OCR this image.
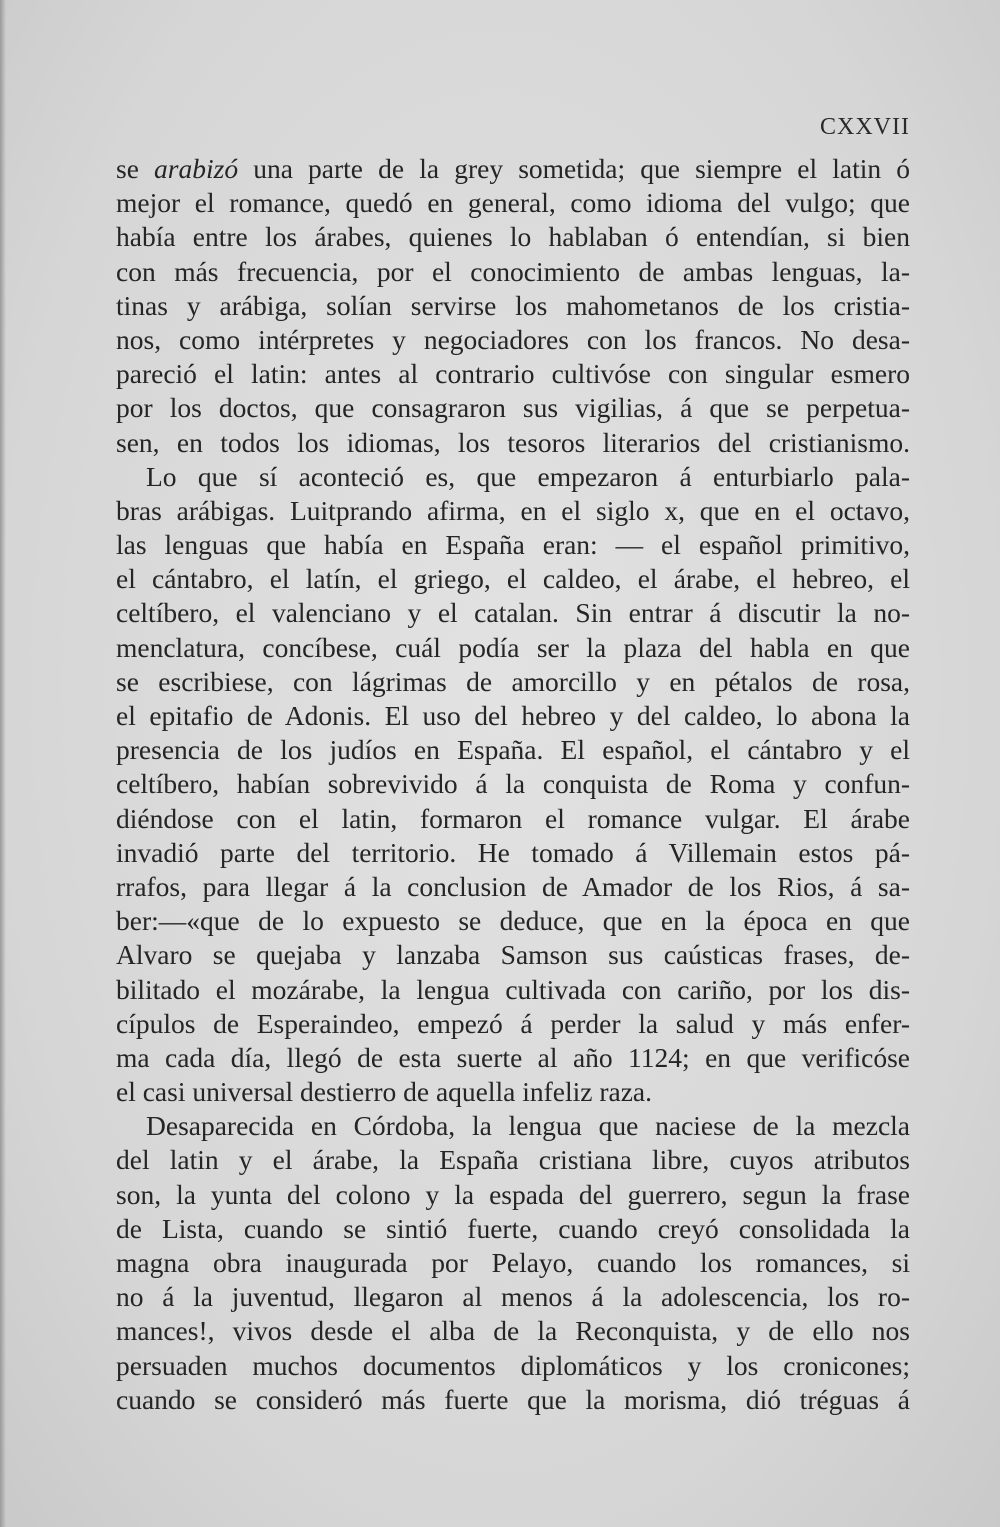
CXXVII
se arabizó una parte de la grey sometida; que siempre el latin ó
mejor el romance, quedó en general, como idioma del vulgo; que
había entre los árabes, quienes lo hablaban ó entendían, si bien
con más frecuencia, por el conocimiento de ambas lenguas, la-
tinas y arábiga, solían servirse los mahometanos de los cristia-
nos, como intérpretes y negociadores con los francos. No desa-
pareció el latin: antes al contrario cultivóse con singular esmero
por los doctos, que consagraron sus vigilias, á que se perpetua-
sen, en todos los idiomas, los tesoros literarios del cristianismo.
Lo que sí aconteció es, que empezaron á enturbiarlo pala-
bras arábigas. Luitprando afirma, en el siglo x, que en el octavo,
las lenguas que había en España eran: — el español primitivo,
el cántabro, el latín, el griego, el caldeo, el árabe, el hebreo, el
celtíbero, el valenciano y el catalan. Sin entrar á discutir la no-
menclatura, concíbese, cuál podía ser la plaza del habla en que
se escribiese, con lágrimas de amorcillo y en pétalos de rosa,
el epitafio de Adonis. El uso del hebreo y del caldeo, lo abona la
presencia de los judíos en España. El español, el cántabro y el
celtíbero, habían sobrevivido á la conquista de Roma y confun-
diéndose con el latin, formaron el romance vulgar. El árabe
invadió parte del territorio. He tomado á Villemain estos pá-
rrafos, para llegar á la conclusion de Amador de los Rios, á sa-
ber:—«que de lo expuesto se deduce, que en la época en que
Alvaro se quejaba y lanzaba Samson sus caústicas frases, de-
bilitado el mozárabe, la lengua cultivada con cariño, por los dis-
cípulos de Esperaindeo, empezó á perder la salud y más enfer-
ma cada día, llegó de esta suerte al año 1124; en que verificóse
el casi universal destierro de aquella infeliz raza.
Desaparecida en Córdoba, la lengua que naciese de la mezcla
del latin y el árabe, la España cristiana libre, cuyos atributos
son, la yunta del colono y la espada del guerrero, segun la frase
de Lista, cuando se sintió fuerte, cuando creyó consolidada la
magna obra inaugurada por Pelayo, cuando los romances, si
no á la juventud, llegaron al menos á la adolescencia, los ro-
mances!, vivos desde el alba de la Reconquista, y de ello nos
persuaden muchos documentos diplomáticos y los cronicones;
cuando se consideró más fuerte que la morisma, dió tréguas á
